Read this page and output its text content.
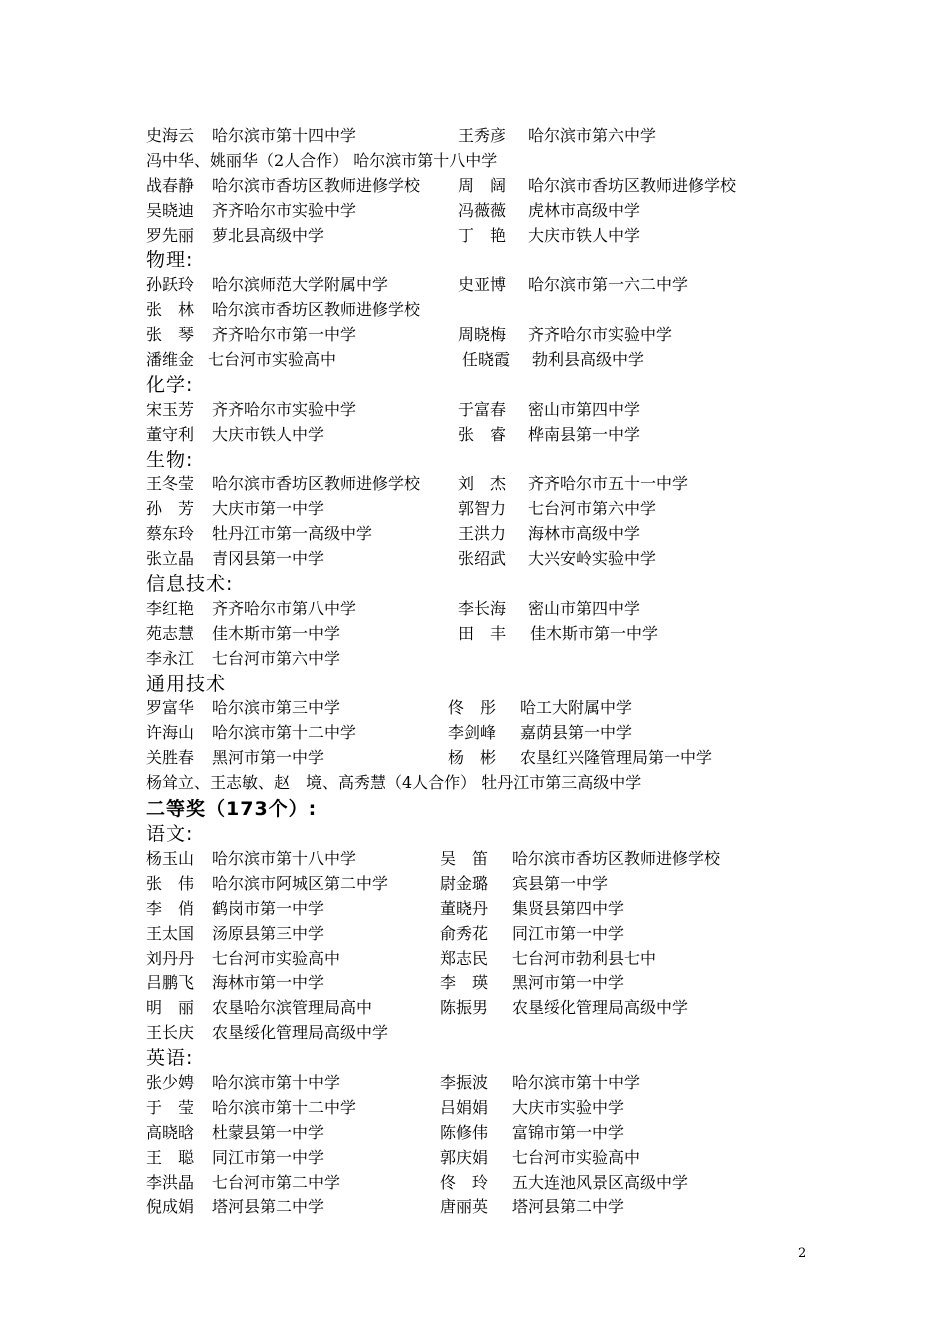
史海云 哈尔滨市第十四中学	王秀彦 哈尔滨市第六中学
冯中华、姚丽华（2人合作） 哈尔滨市第十八中学
战春静 哈尔滨市香坊区教师进修学校 周　阔 哈尔滨市香坊区教师进修学校
吴晓迪 齐齐哈尔市实验中学	冯薇薇 虎林市高级中学
罗先丽 萝北县高级中学	丁　艳 大庆市铁人中学
物理:
孙跃玲 哈尔滨师范大学附属中学	史亚博 哈尔滨市第一六二中学
张　林 哈尔滨市香坊区教师进修学校
张　琴 齐齐哈尔市第一中学	周晓梅 齐齐哈尔市实验中学
潘维金 七台河市实验高中	任晓霞 勃利县高级中学
化学:
宋玉芳 齐齐哈尔市实验中学	于富春 密山市第四中学
董守利 大庆市铁人中学	张　睿 桦南县第一中学
生物:
王冬莹 哈尔滨市香坊区教师进修学校 刘　杰 齐齐哈尔市五十一中学
孙　芳 大庆市第一中学	郭智力 七台河市第六中学
蔡东玲 牡丹江市第一高级中学	王洪力 海林市高级中学
张立晶 青冈县第一中学	张绍武 大兴安岭实验中学
信息技术:
李红艳 齐齐哈尔市第八中学	李长海 密山市第四中学
苑志慧 佳木斯市第一中学	田　丰 佳木斯市第一中学
李永江 七台河市第六中学
通用技术
罗富华 哈尔滨市第三中学	佟　彤 哈工大附属中学
许海山 哈尔滨市第十二中学	李剑峰 嘉荫县第一中学
关胜春 黑河市第一中学	杨　彬 农垦红兴隆管理局第一中学
杨耸立、王志敏、赵　境、高秀慧（4人合作） 牡丹江市第三高级中学
二等奖（173个）:
语文:
杨玉山 哈尔滨市第十八中学	吴　笛 哈尔滨市香坊区教师进修学校
张　伟 哈尔滨市阿城区第二中学	尉金璐 宾县第一中学
李　俏 鹤岗市第一中学	董晓丹 集贤县第四中学
王太国 汤原县第三中学	俞秀花 同江市第一中学
刘丹丹 七台河市实验高中	郑志民 七台河市勃利县七中
吕鹏飞 海林市第一中学	李　瑛 黑河市第一中学
明　丽 农垦哈尔滨管理局高中	陈振男 农垦绥化管理局高级中学
王长庆 农垦绥化管理局高级中学
英语:
张少娉 哈尔滨市第十中学	李振波 哈尔滨市第十中学
于　莹 哈尔滨市第十二中学	吕娟娟 大庆市实验中学
高晓晗 杜蒙县第一中学	陈修伟 富锦市第一中学
王　聪 同江市第一中学	郭庆娟 七台河市实验高中
李洪晶 七台河市第二中学	佟　玲 五大连池风景区高级中学
倪成娟 塔河县第二中学	唐丽英 塔河县第二中学
2
